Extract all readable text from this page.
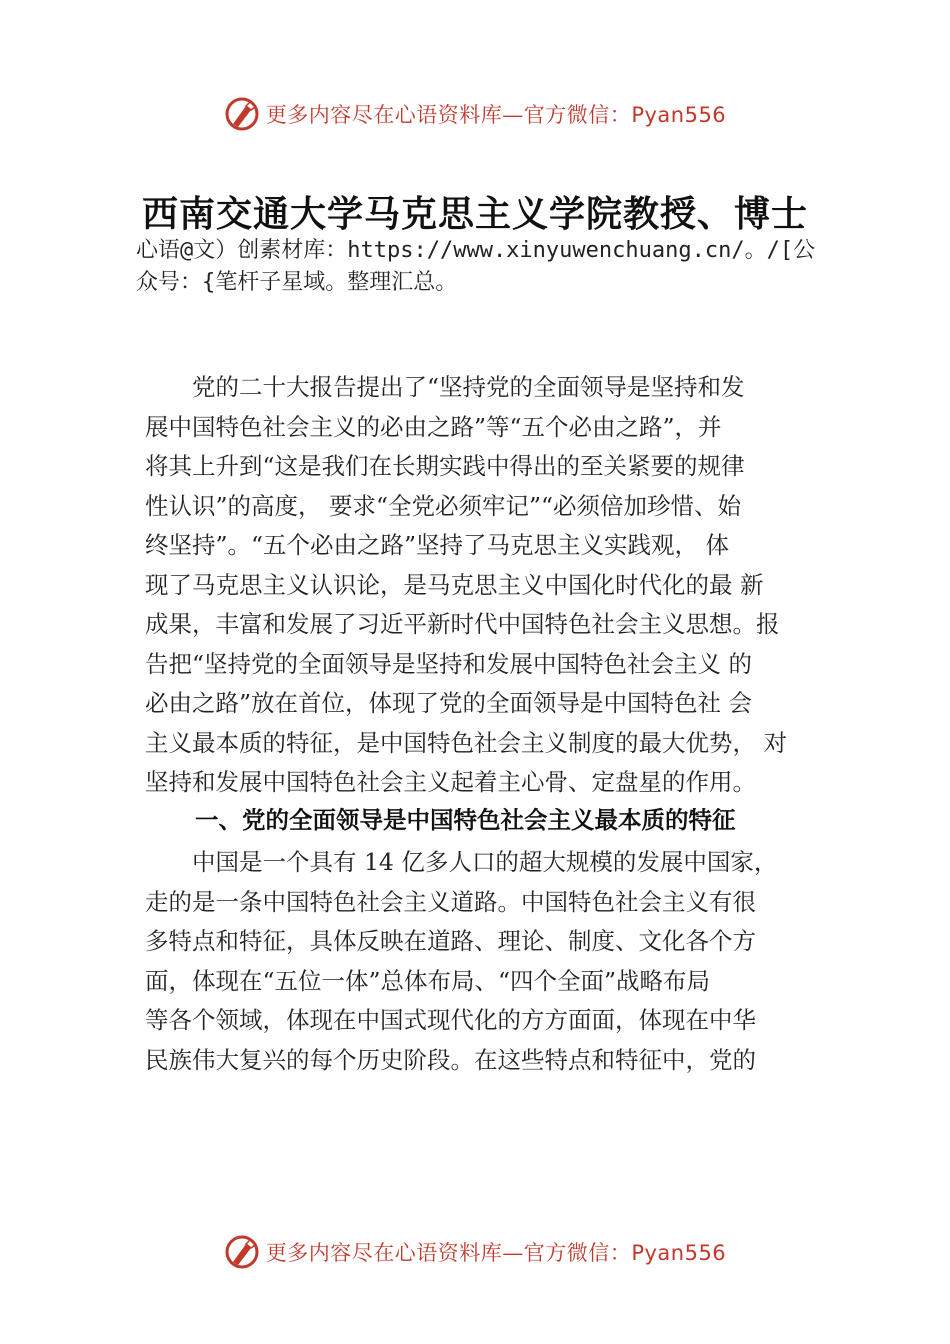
更多内容尽在心语资料库—官方微信：Pyan556
西南交通大学马克思主义学院教授、博士
心语@文）创素材库：https://www.xinyuwenchuang.cn/。/[公
众号：{笔杆子星域。整理汇总。
　　党的二十大报告提出了“坚持党的全面领导是坚持和发
展中国特色社会主义的必由之路”等“五个必由之路”，并
将其上升到“这是我们在长期实践中得出的至关紧要的规律
性认识”的高度， 要求“全党必须牢记”“必须倍加珍惜、始
终坚持”。“五个必由之路”坚持了马克思主义实践观， 体
现了马克思主义认识论，是马克思主义中国化时代化的最 新
成果，丰富和发展了习近平新时代中国特色社会主义思想。报
告把“坚持党的全面领导是坚持和发展中国特色社会主义 的
必由之路”放在首位，体现了党的全面领导是中国特色社 会
主义最本质的特征，是中国特色社会主义制度的最大优势， 对
坚持和发展中国特色社会主义起着主心骨、定盘星的作用。
一、党的全面领导是中国特色社会主义最本质的特征
　　中国是一个具有 14 亿多人口的超大规模的发展中国家，
走的是一条中国特色社会主义道路。中国特色社会主义有很
多特点和特征，具体反映在道路、理论、制度、文化各个方
面，体现在“五位一体”总体布局、“四个全面”战略布局
等各个领域，体现在中国式现代化的方方面面，体现在中华
民族伟大复兴的每个历史阶段。在这些特点和特征中，党的
更多内容尽在心语资料库—官方微信：Pyan556
